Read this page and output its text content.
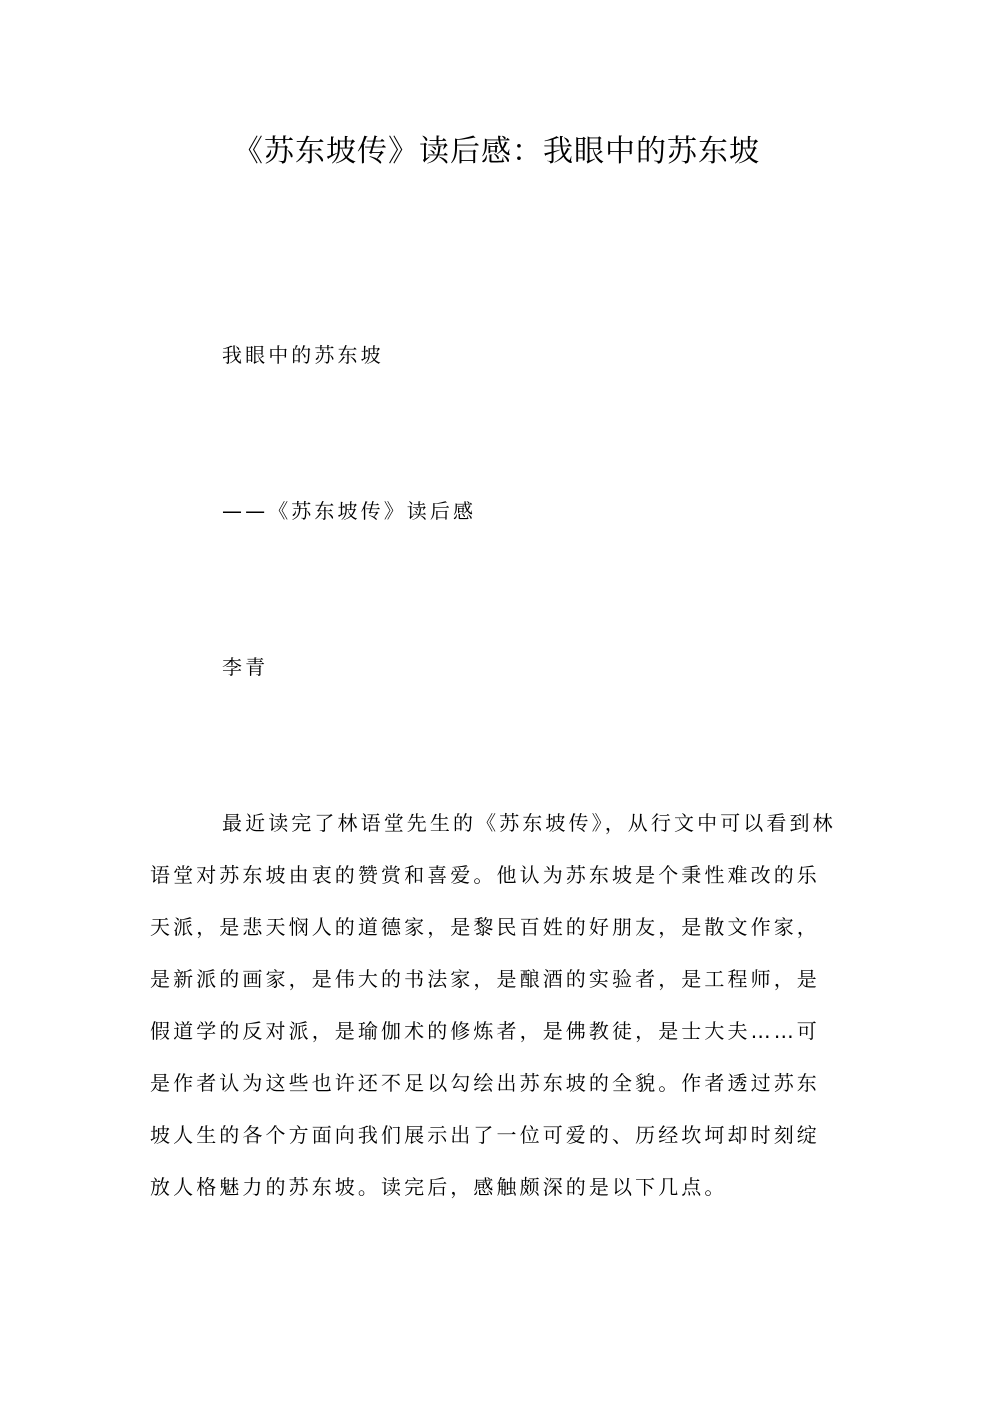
《苏东坡传》读后感：我眼中的苏东坡
我眼中的苏东坡
——《苏东坡传》读后感
李青
最近读完了林语堂先生的《苏东坡传》，从行文中可以看到林
语堂对苏东坡由衷的赞赏和喜爱。他认为苏东坡是个秉性难改的乐
天派，是悲天悯人的道德家，是黎民百姓的好朋友，是散文作家，
是新派的画家，是伟大的书法家，是酿酒的实验者，是工程师，是
假道学的反对派，是瑜伽术的修炼者，是佛教徒，是士大夫……可
是作者认为这些也许还不足以勾绘出苏东坡的全貌。作者透过苏东
坡人生的各个方面向我们展示出了一位可爱的、历经坎坷却时刻绽
放人格魅力的苏东坡。读完后，感触颇深的是以下几点。
